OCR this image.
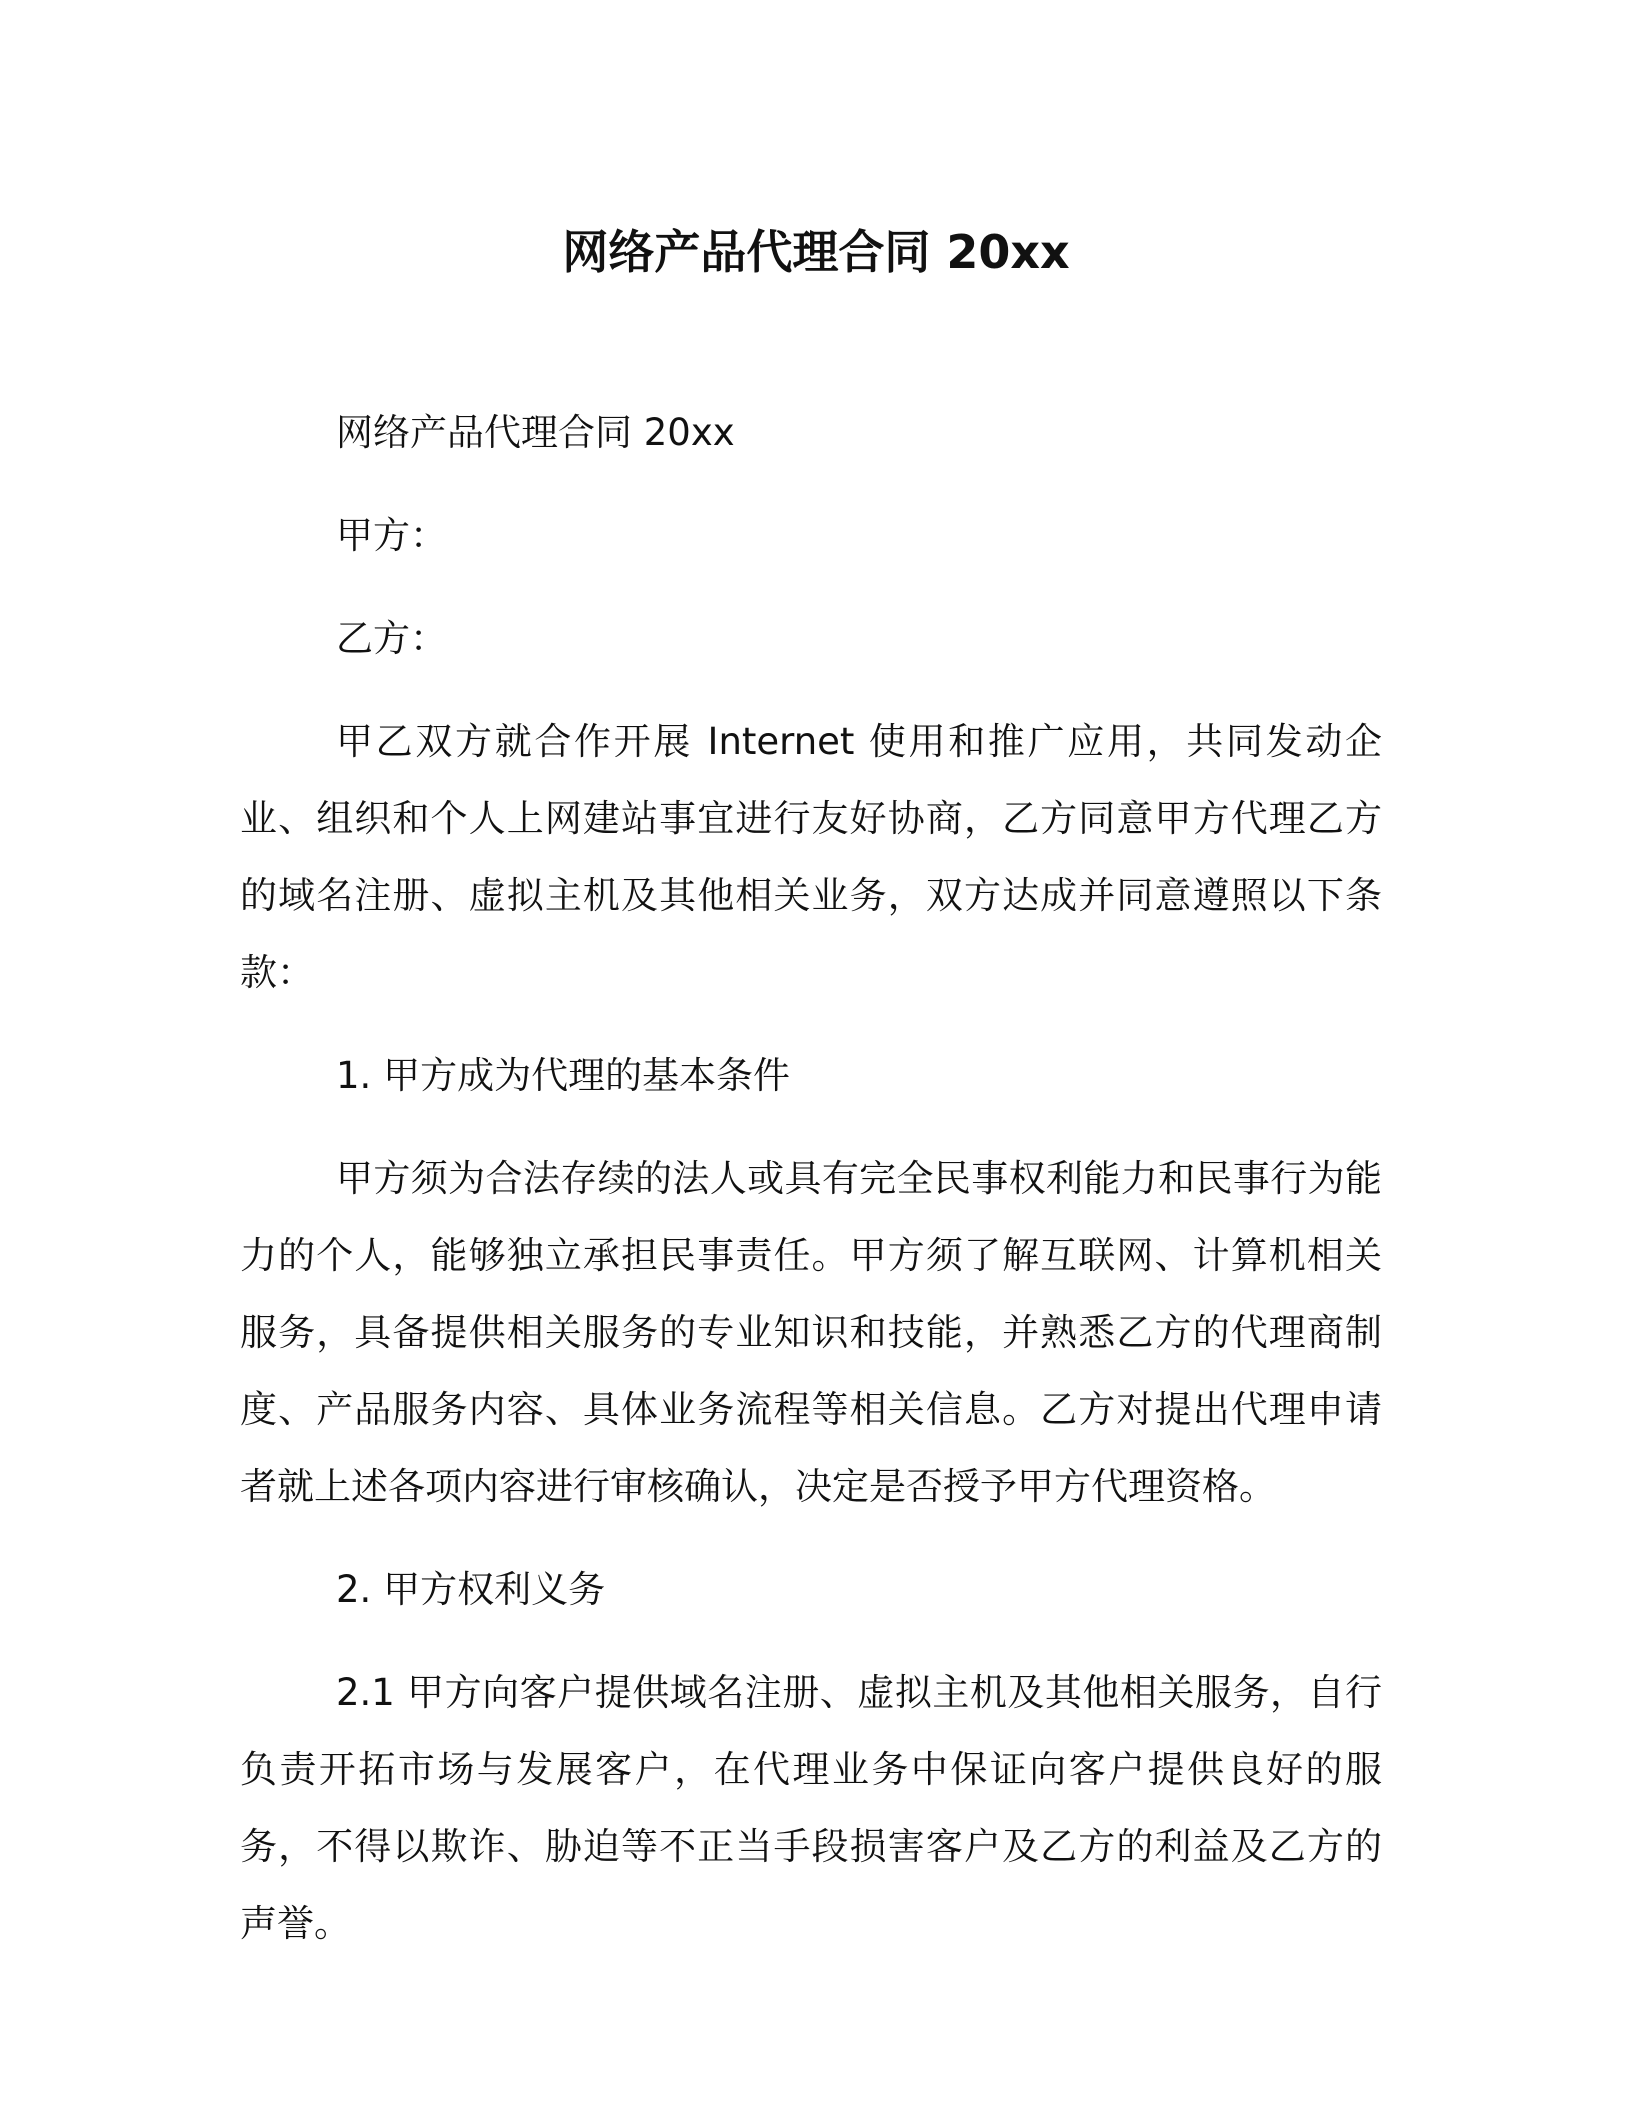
网络产品代理合同 20xx

网络产品代理合同 20xx

甲方：

乙方：

甲乙双方就合作开展 Internet 使用和推广应用，共同发动企业、组织和个人上网建站事宜进行友好协商，乙方同意甲方代理乙方的域名注册、虚拟主机及其他相关业务，双方达成并同意遵照以下条款：

1. 甲方成为代理的基本条件

甲方须为合法存续的法人或具有完全民事权利能力和民事行为能力的个人，能够独立承担民事责任。甲方须了解互联网、计算机相关服务，具备提供相关服务的专业知识和技能，并熟悉乙方的代理商制度、产品服务内容、具体业务流程等相关信息。乙方对提出代理申请者就上述各项内容进行审核确认，决定是否授予甲方代理资格。

2. 甲方权利义务

2.1 甲方向客户提供域名注册、虚拟主机及其他相关服务，自行负责开拓市场与发展客户，在代理业务中保证向客户提供良好的服务，不得以欺诈、胁迫等不正当手段损害客户及乙方的利益及乙方的声誉。
